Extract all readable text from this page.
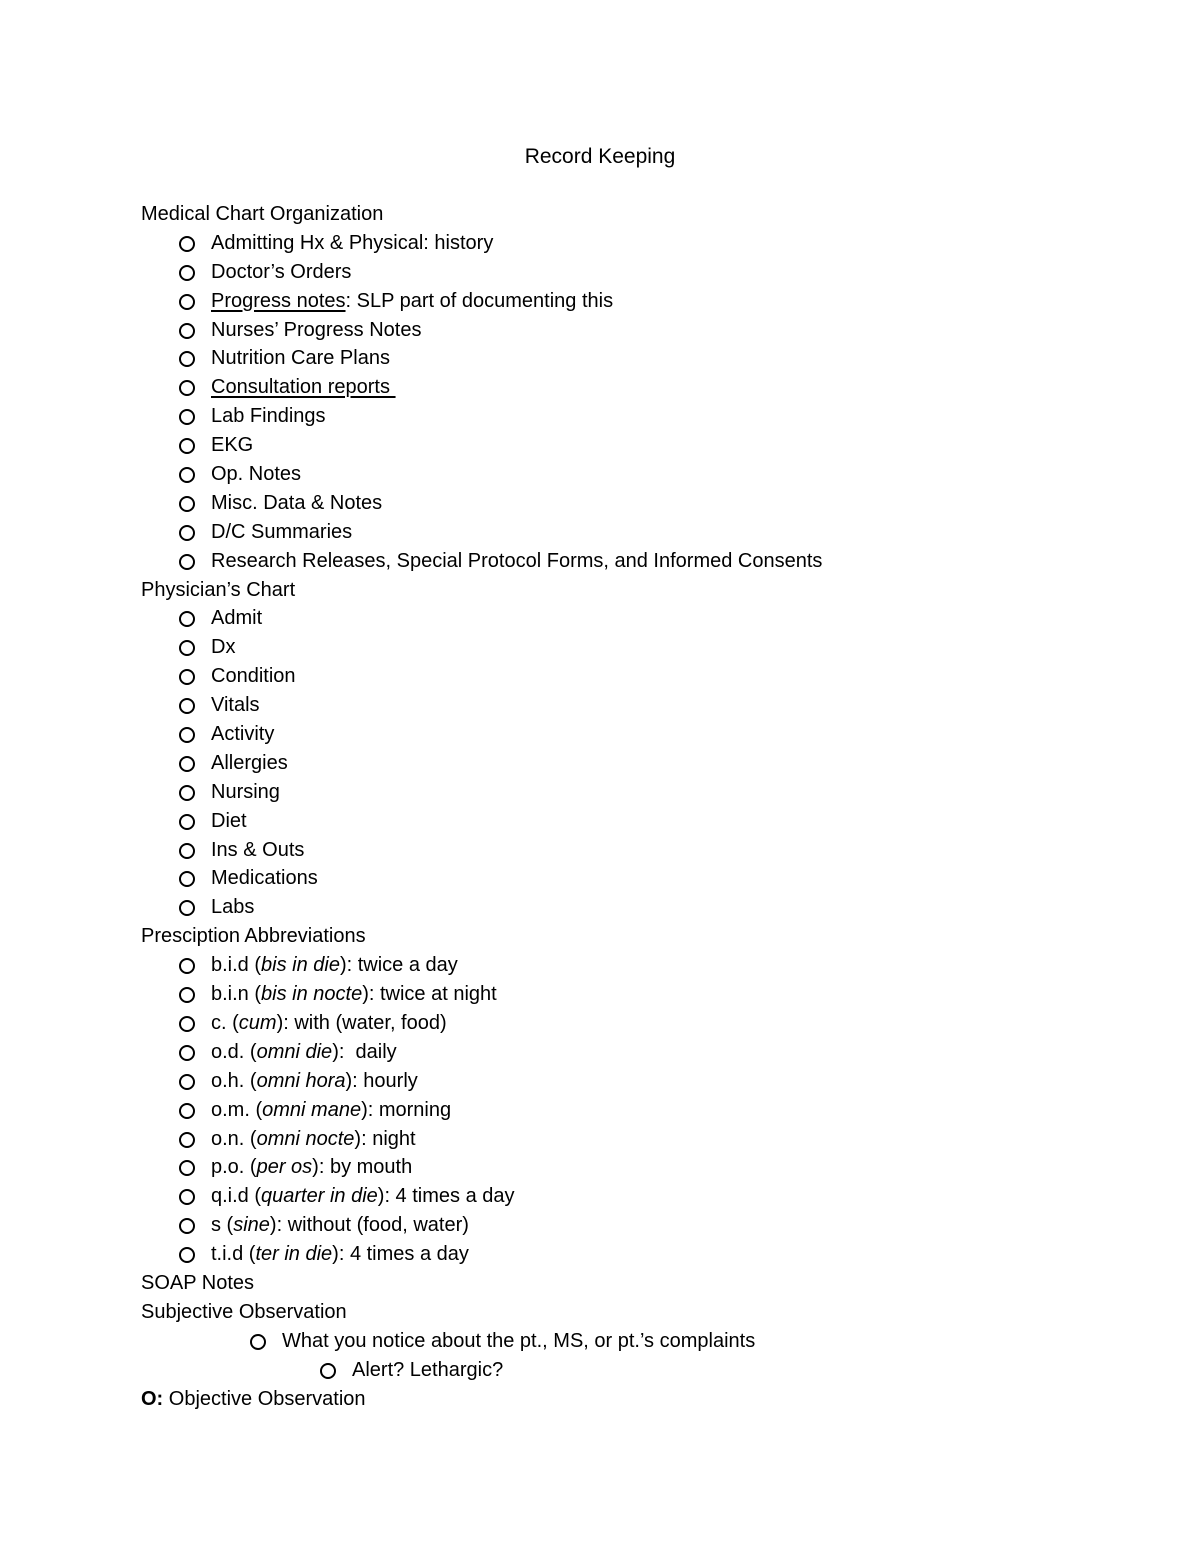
Record Keeping
Medical Chart Organization
Admitting Hx & Physical: history
Doctor’s Orders
Progress notes: SLP part of documenting this
Nurses’ Progress Notes
Nutrition Care Plans
Consultation reports
Lab Findings
EKG
Op. Notes
Misc. Data & Notes
D/C Summaries
Research Releases, Special Protocol Forms, and Informed Consents
Physician’s Chart
Admit
Dx
Condition
Vitals
Activity
Allergies
Nursing
Diet
Ins & Outs
Medications
Labs
Presciption Abbreviations
b.i.d (bis in die): twice a day
b.i.n (bis in nocte): twice at night
c. (cum): with (water, food)
o.d. (omni die):  daily
o.h. (omni hora): hourly
o.m. (omni mane): morning
o.n. (omni nocte): night
p.o. (per os): by mouth
q.i.d (quarter in die): 4 times a day
s (sine): without (food, water)
t.i.d (ter in die): 4 times a day
SOAP Notes
Subjective Observation
What you notice about the pt., MS, or pt.’s complaints
Alert? Lethargic?
O: Objective Observation
